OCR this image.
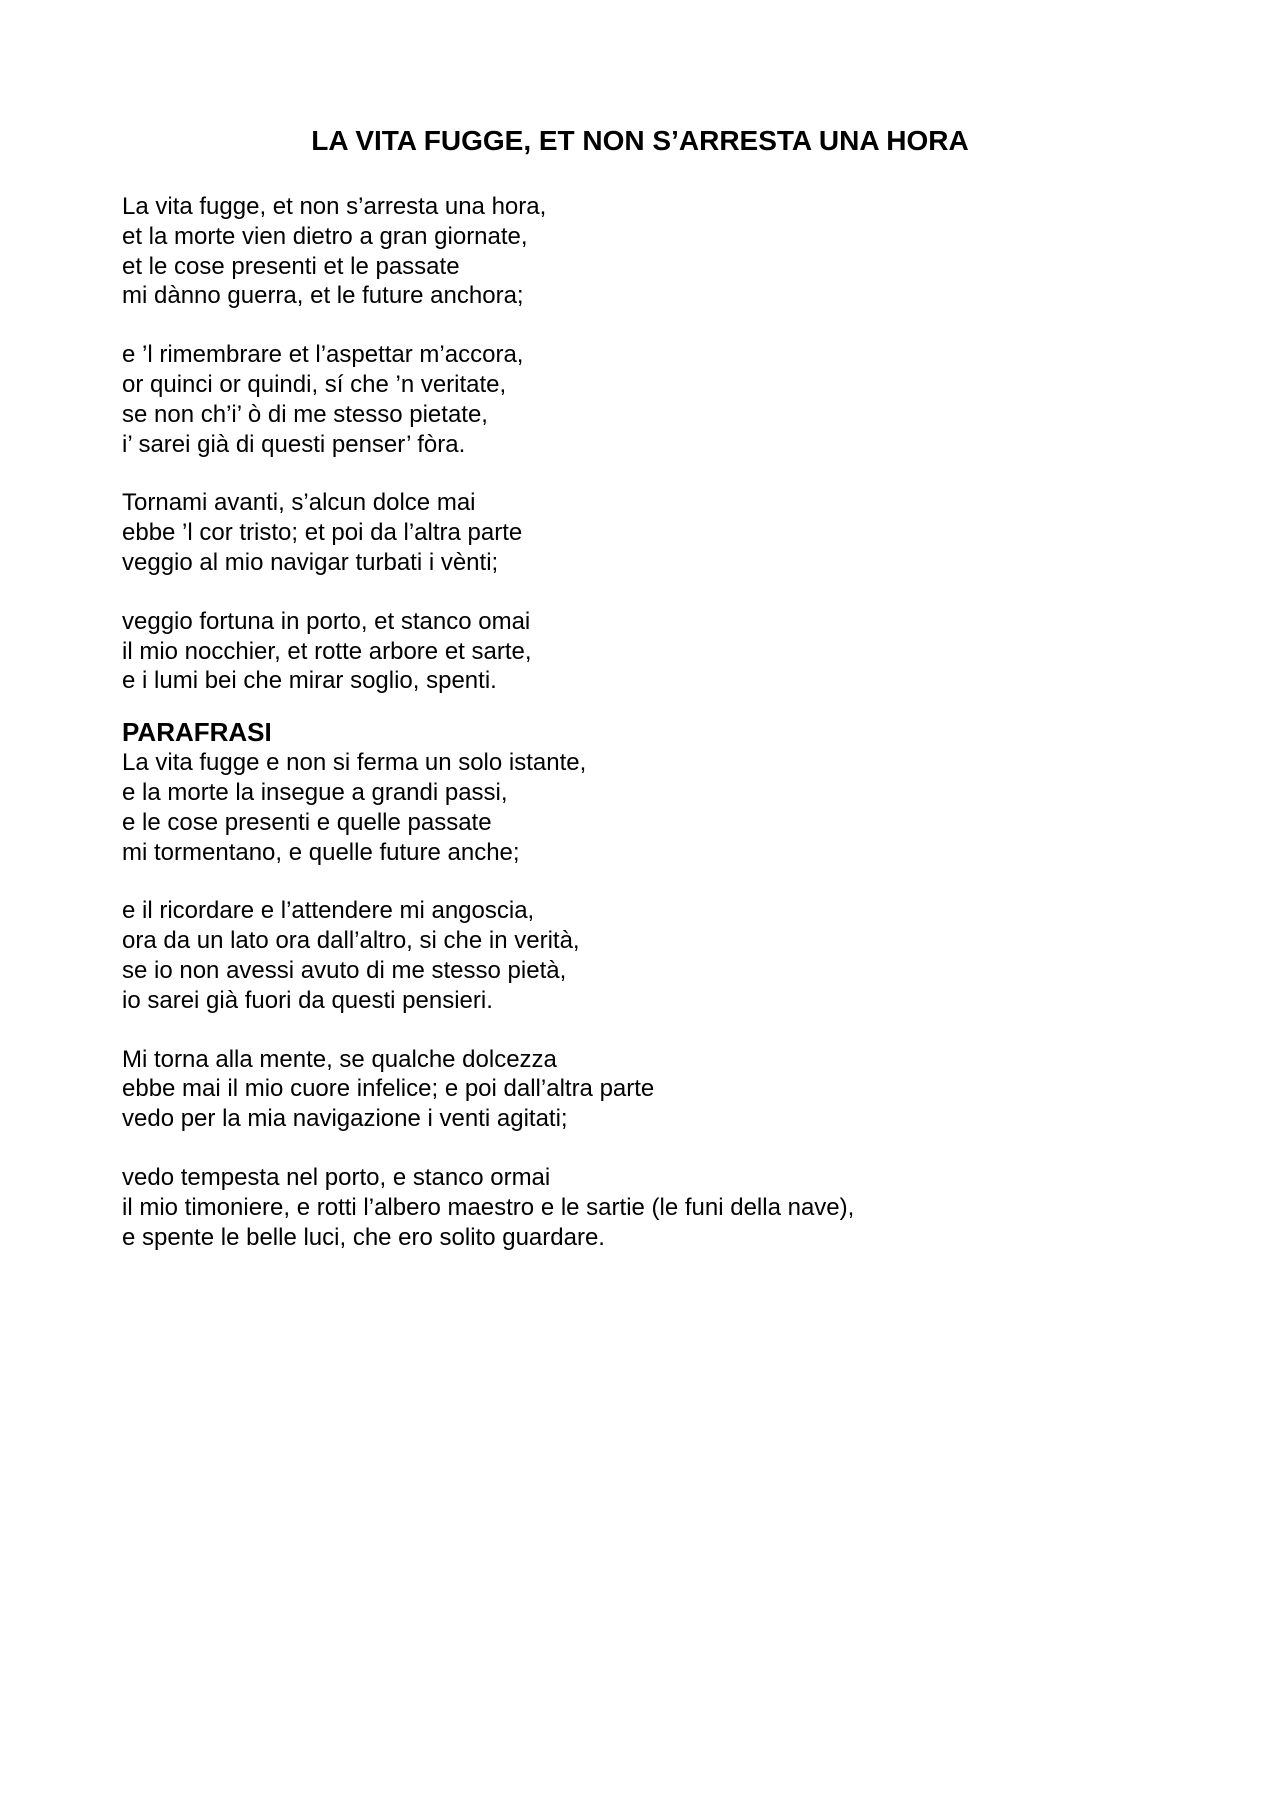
LA VITA FUGGE, ET NON S’ARRESTA UNA HORA
La vita fugge, et non s’arresta una hora,
et la morte vien dietro a gran giornate,
et le cose presenti et le passate
mi dànno guerra, et le future anchora;
e ’l rimembrare et l’aspettar m’accora,
or quinci or quindi, sí che ’n veritate,
se non ch’i’ ò di me stesso pietate,
i’ sarei già di questi penser’ fòra.
Tornami avanti, s’alcun dolce mai
ebbe ’l cor tristo; et poi da l’altra parte
veggio al mio navigar turbati i vènti;
veggio fortuna in porto, et stanco omai
il mio nocchier, et rotte arbore et sarte,
e i lumi bei che mirar soglio, spenti.
PARAFRASI
La vita fugge e non si ferma un solo istante,
e la morte la insegue a grandi passi,
e le cose presenti e quelle passate
mi tormentano, e quelle future anche;
e il ricordare e l’attendere mi angoscia,
ora da un lato ora dall’altro, si che in verità,
se io non avessi avuto di me stesso pietà,
io sarei già fuori da questi pensieri.
Mi torna alla mente, se qualche dolcezza
ebbe mai il mio cuore infelice; e poi dall’altra parte
vedo per la mia navigazione i venti agitati;
vedo tempesta nel porto, e stanco ormai
il mio timoniere, e rotti l’albero maestro e le sartie (le funi della nave),
e spente le belle luci, che ero solito guardare.
